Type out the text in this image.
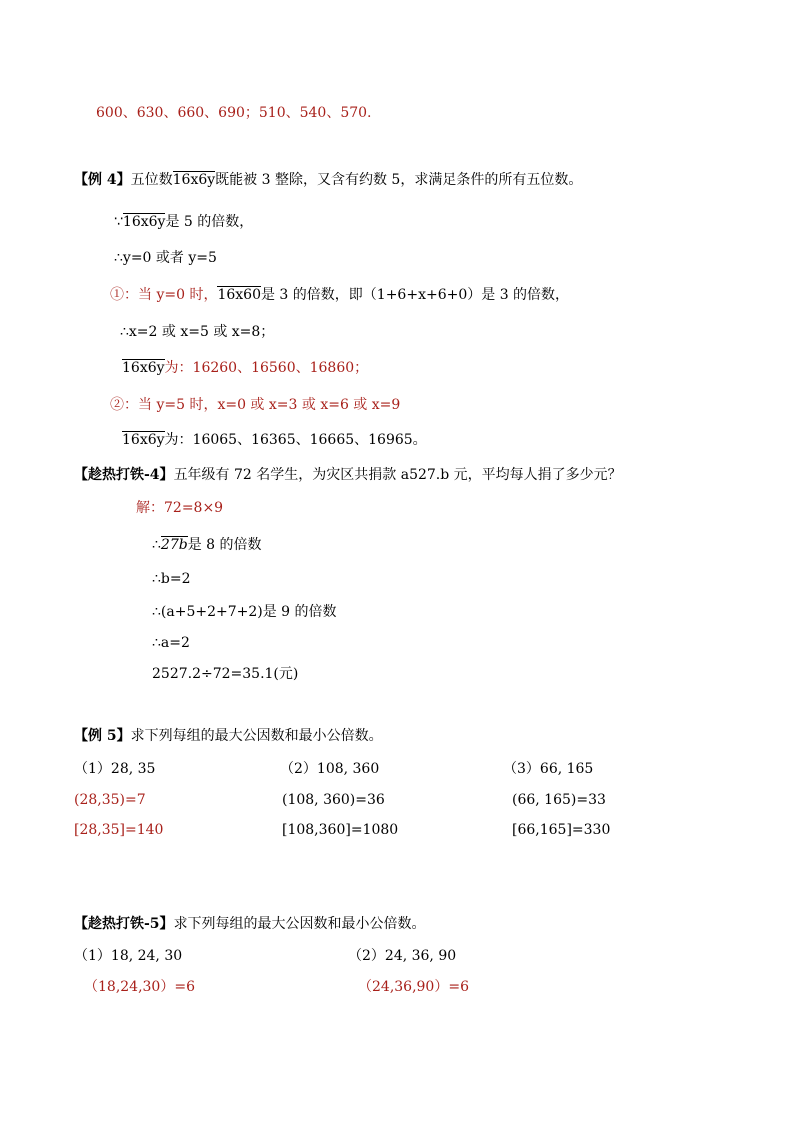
600、630、660、690；510、540、570.
【例 4】五位数16x6y既能被 3 整除，又含有约数 5，求满足条件的所有五位数。
∵16x6y是 5 的倍数，
∴y=0 或者 y=5
①：当 y=0 时，16x60是 3 的倍数，即（1+6+x+6+0）是 3 的倍数，
∴x=2 或 x=5 或 x=8；
16x6y为：16260、16560、16860；
②：当 y=5 时，x=0 或 x=3 或 x=6 或 x=9
16x6y为：16065、16365、16665、16965。
【趁热打铁-4】五年级有 72 名学生，为灾区共捐款 a527.b 元，平均每人捐了多少元？
解：72=8×9
∴27b是 8 的倍数
∴b=2
∴(a+5+2+7+2)是 9 的倍数
∴a=2
2527.2÷72=35.1(元)
【例 5】求下列每组的最大公因数和最小公倍数。
（1）28, 35	（2）108, 360	（3）66, 165
(28,35)=7	(108, 360)=36	(66, 165)=33
[28,35]=140	[108,360]=1080	[66,165]=330
【趁热打铁-5】求下列每组的最大公因数和最小公倍数。
（1）18, 24, 30	（2）24, 36, 90
（18,24,30）=6	（24,36,90）=6
